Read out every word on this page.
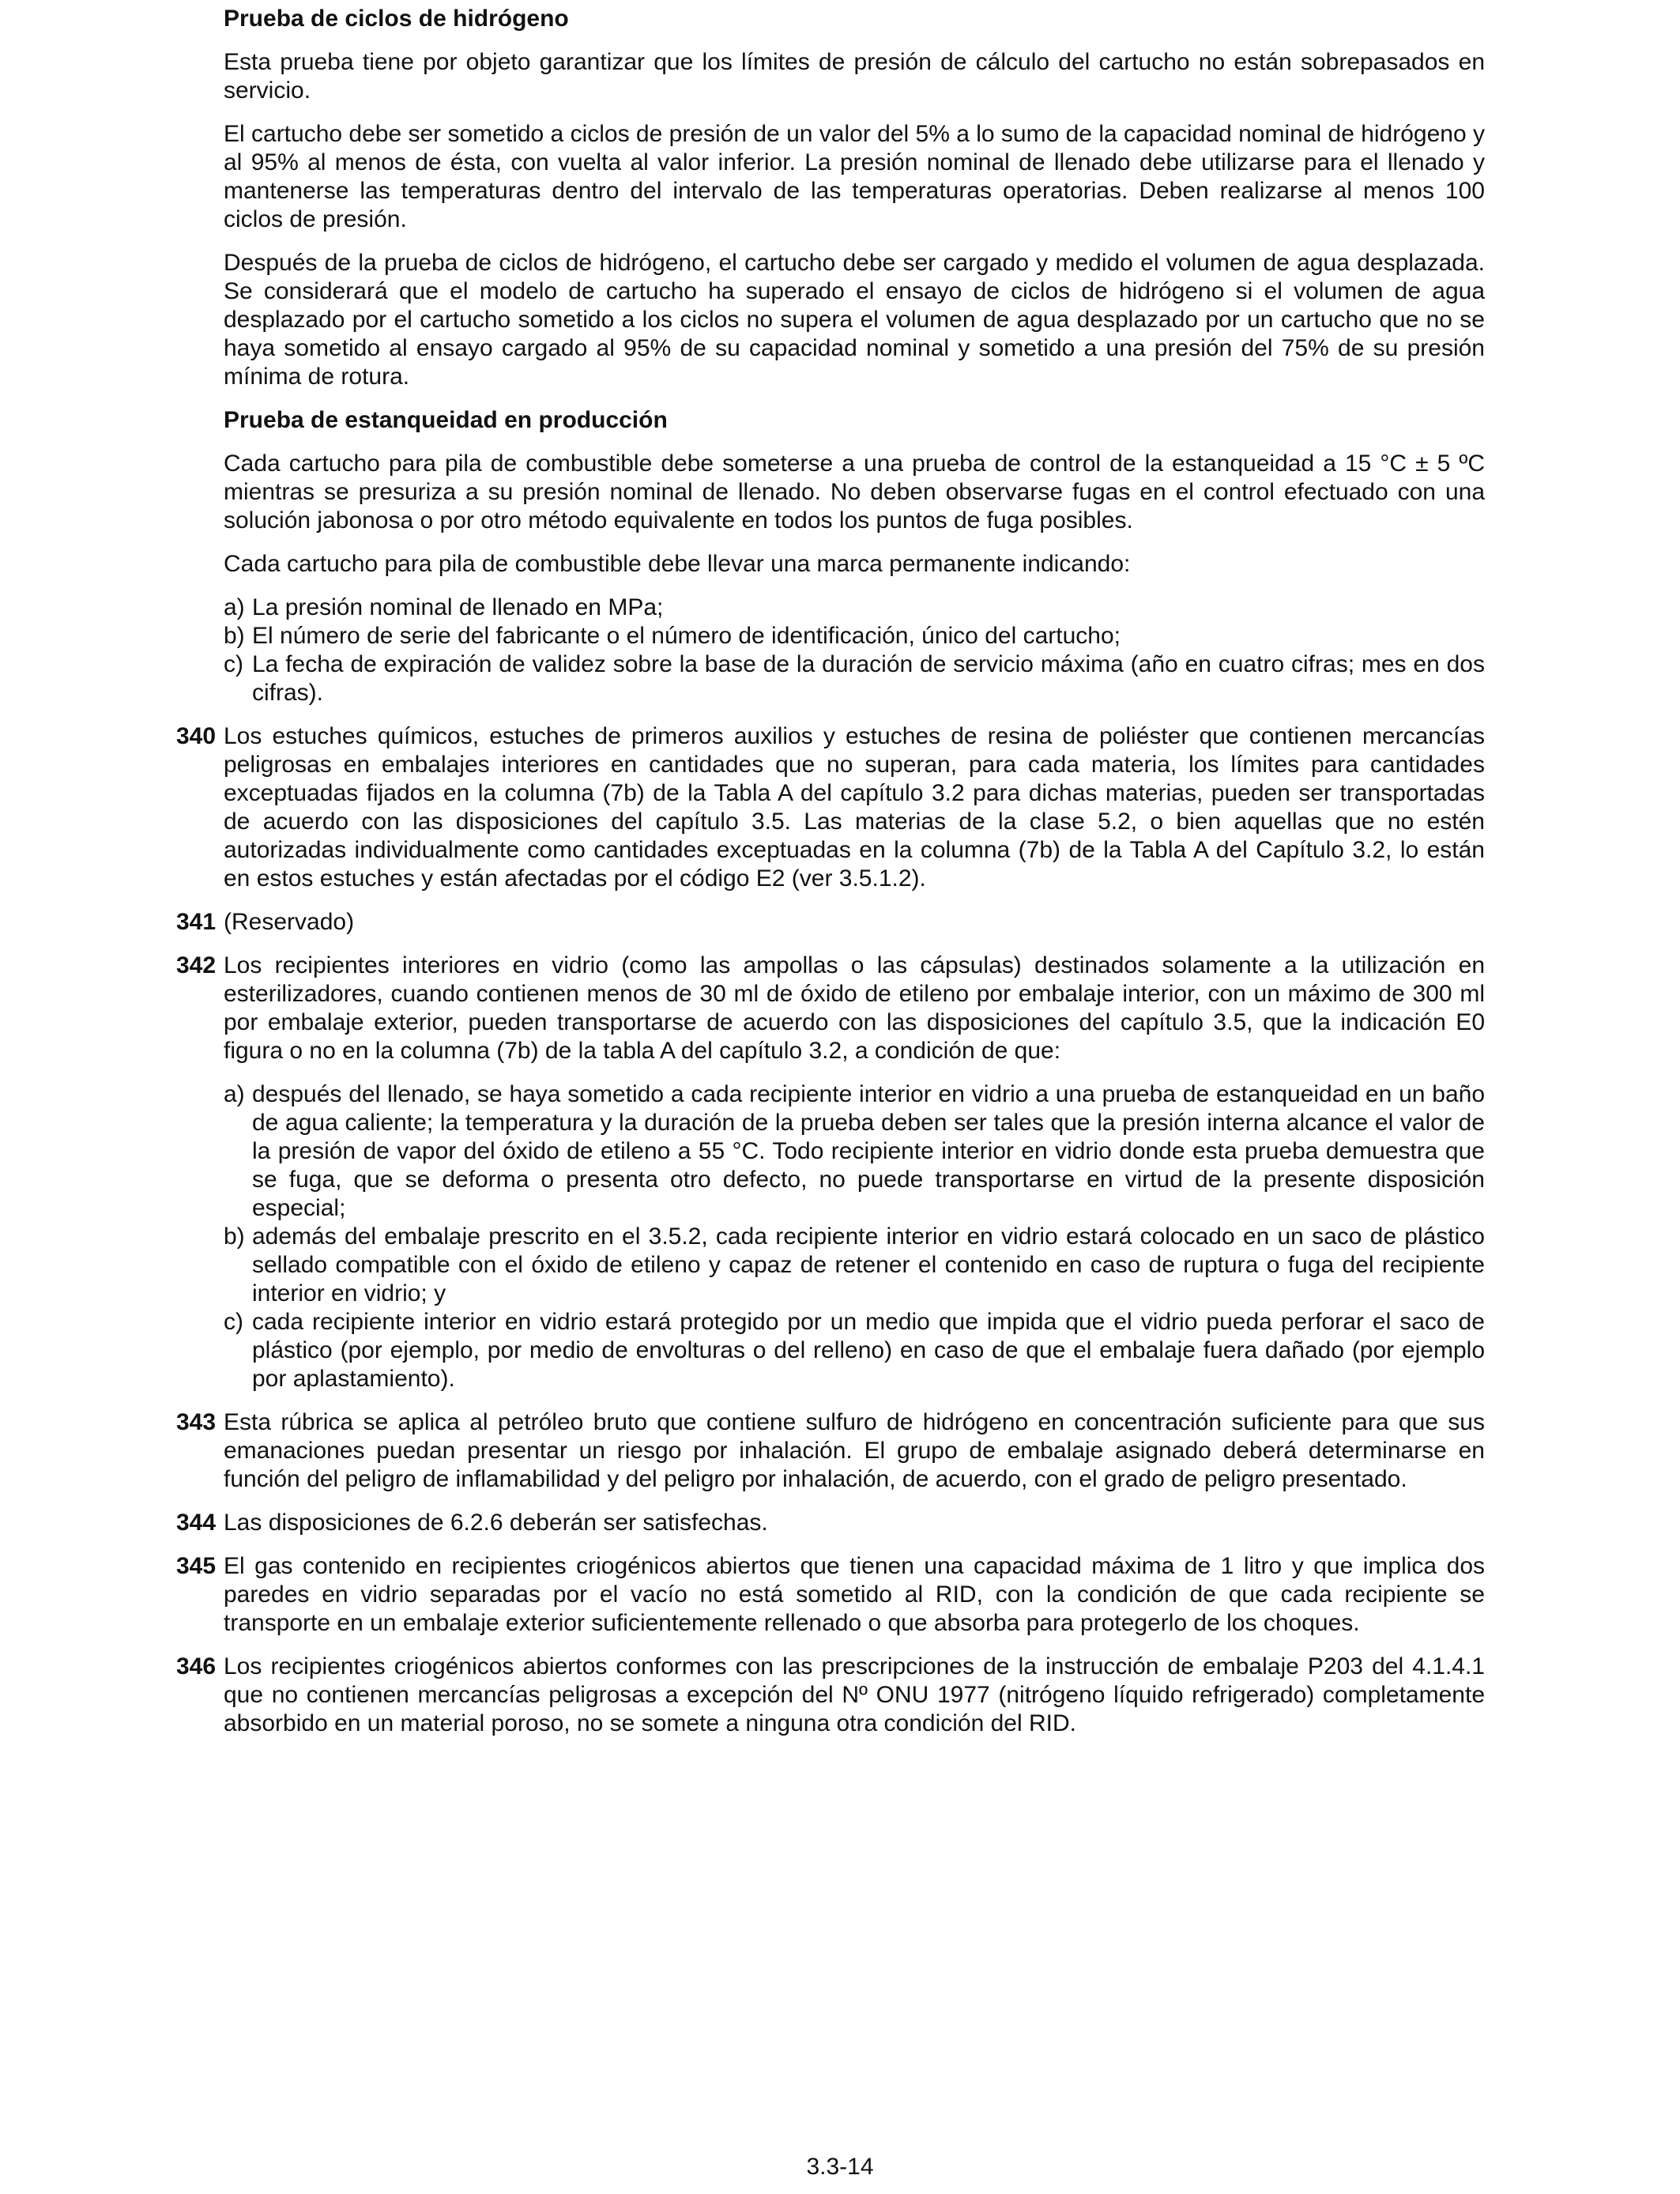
Prueba de ciclos de hidrógeno

Esta prueba tiene por objeto garantizar que los límites de presión de cálculo del cartucho no están sobrepasados en servicio.

El cartucho debe ser sometido a ciclos de presión de un valor del 5% a lo sumo de la capacidad nominal de hidrógeno y al 95% al menos de ésta, con vuelta al valor inferior. La presión nominal de llenado debe utilizarse para el llenado y mantenerse las temperaturas dentro del intervalo de las temperaturas operatorias. Deben realizarse al menos 100 ciclos de presión.

Después de la prueba de ciclos de hidrógeno, el cartucho debe ser cargado y medido el volumen de agua desplazada. Se considerará que el modelo de cartucho ha superado el ensayo de ciclos de hidrógeno si el volumen de agua desplazado por el cartucho sometido a los ciclos no supera el volumen de agua desplazado por un cartucho que no se haya sometido al ensayo cargado al 95% de su capacidad nominal y sometido a una presión del 75% de su presión mínima de rotura.

Prueba de estanqueidad en producción

Cada cartucho para pila de combustible debe someterse a una prueba de control de la estanqueidad a 15 °C ± 5 ºC mientras se presuriza a su presión nominal de llenado. No deben observarse fugas en el control efectuado con una solución jabonosa o por otro método equivalente en todos los puntos de fuga posibles.

Cada cartucho para pila de combustible debe llevar una marca permanente indicando:

a) La presión nominal de llenado en MPa;
b) El número de serie del fabricante o el número de identificación, único del cartucho;
c) La fecha de expiración de validez sobre la base de la duración de servicio máxima (año en cuatro cifras; mes en dos cifras).
340 Los estuches químicos, estuches de primeros auxilios y estuches de resina de poliéster que contienen mercancías peligrosas en embalajes interiores en cantidades que no superan, para cada materia, los límites para cantidades exceptuadas fijados en la columna (7b) de la Tabla A del capítulo 3.2 para dichas materias, pueden ser transportadas de acuerdo con las disposiciones del capítulo 3.5. Las materias de la clase 5.2, o bien aquellas que no estén autorizadas individualmente como cantidades exceptuadas en la columna (7b) de la Tabla A del Capítulo 3.2, lo están en estos estuches y están afectadas por el código E2 (ver 3.5.1.2).

341 (Reservado)

342 Los recipientes interiores en vidrio (como las ampollas o las cápsulas) destinados solamente a la utilización en esterilizadores, cuando contienen menos de 30 ml de óxido de etileno por embalaje interior, con un máximo de 300 ml por embalaje exterior, pueden transportarse de acuerdo con las disposiciones del capítulo 3.5, que la indicación E0 figura o no en la columna (7b) de la tabla A del capítulo 3.2, a condición de que:

a) después del llenado, se haya sometido a cada recipiente interior en vidrio a una prueba de estanqueidad en un baño de agua caliente; la temperatura y la duración de la prueba deben ser tales que la presión interna alcance el valor de la presión de vapor del óxido de etileno a 55 °C. Todo recipiente interior en vidrio donde esta prueba demuestra que se fuga, que se deforma o presenta otro defecto, no puede transportarse en virtud de la presente disposición especial;
b) además del embalaje prescrito en el 3.5.2, cada recipiente interior en vidrio estará colocado en un saco de plástico sellado compatible con el óxido de etileno y capaz de retener el contenido en caso de ruptura o fuga del recipiente interior en vidrio; y
c) cada recipiente interior en vidrio estará protegido por un medio que impida que el vidrio pueda perforar el saco de plástico (por ejemplo, por medio de envolturas o del relleno) en caso de que el embalaje fuera dañado (por ejemplo por aplastamiento).
343 Esta rúbrica se aplica al petróleo bruto que contiene sulfuro de hidrógeno en concentración suficiente para que sus emanaciones puedan presentar un riesgo por inhalación. El grupo de embalaje asignado deberá determinarse en función del peligro de inflamabilidad y del peligro por inhalación, de acuerdo, con el grado de peligro presentado.

344 Las disposiciones de 6.2.6 deberán ser satisfechas.

345 El gas contenido en recipientes criogénicos abiertos que tienen una capacidad máxima de 1 litro y que implica dos paredes en vidrio separadas por el vacío no está sometido al RID, con la condición de que cada recipiente se transporte en un embalaje exterior suficientemente rellenado o que absorba para protegerlo de los choques.

346 Los recipientes criogénicos abiertos conformes con las prescripciones de la instrucción de embalaje P203 del 4.1.4.1 que no contienen mercancías peligrosas a excepción del Nº ONU 1977 (nitrógeno líquido refrigerado) completamente absorbido en un material poroso, no se somete a ninguna otra condición del RID.

3.3-14
